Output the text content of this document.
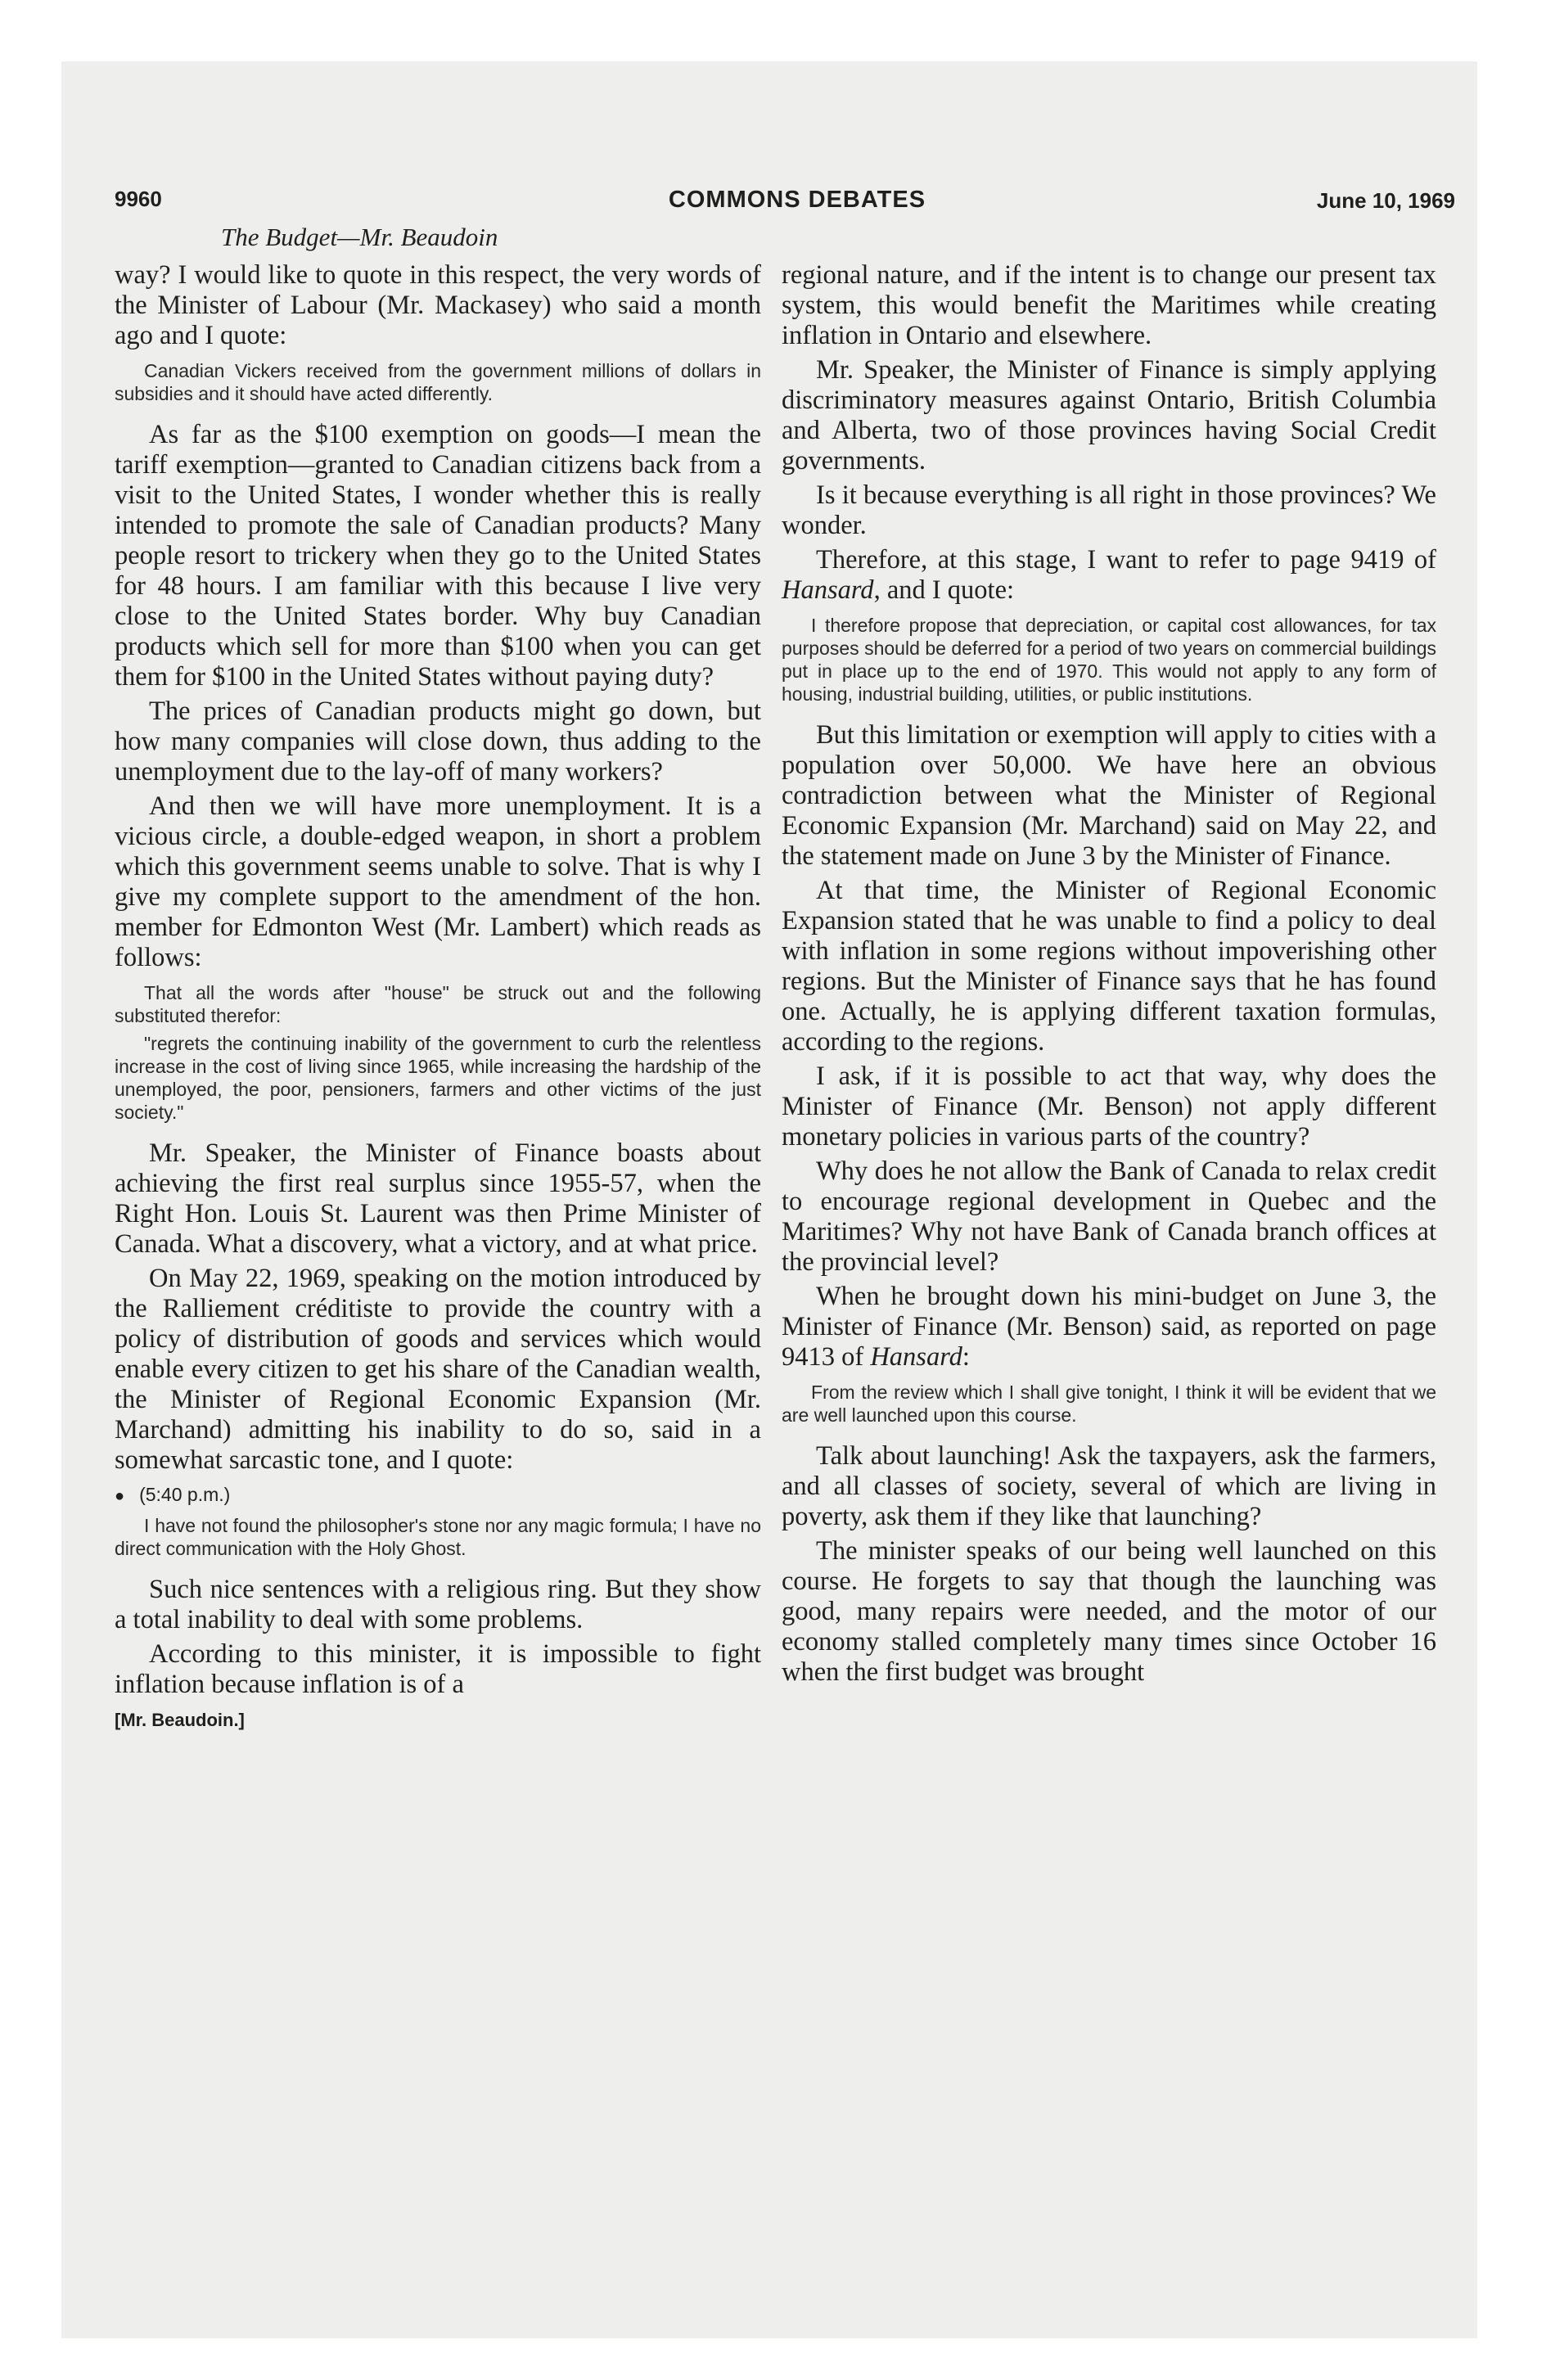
9960	COMMONS DEBATES	June 10, 1969
The Budget—Mr. Beaudoin

way? I would like to quote in this respect, the very words of the Minister of Labour (Mr. Mackasey) who said a month ago and I quote:

Canadian Vickers received from the government millions of dollars in subsidies and it should have acted differently.

As far as the $100 exemption on goods—I mean the tariff exemption—granted to Canadian citizens back from a visit to the United States, I wonder whether this is really intended to promote the sale of Canadian products? Many people resort to trickery when they go to the United States for 48 hours. I am familiar with this because I live very close to the United States border. Why buy Canadian products which sell for more than $100 when you can get them for $100 in the United States without paying duty?

The prices of Canadian products might go down, but how many companies will close down, thus adding to the unemployment due to the lay-off of many workers?

And then we will have more unemployment. It is a vicious circle, a double-edged weapon, in short a problem which this government seems unable to solve. That is why I give my complete support to the amendment of the hon. member for Edmonton West (Mr. Lambert) which reads as follows:

That all the words after "house" be struck out and the following substituted therefor:

"regrets the continuing inability of the government to curb the relentless increase in the cost of living since 1965, while increasing the hardship of the unemployed, the poor, pensioners, farmers and other victims of the just society."

Mr. Speaker, the Minister of Finance boasts about achieving the first real surplus since 1955-57, when the Right Hon. Louis St. Laurent was then Prime Minister of Canada. What a discovery, what a victory, and at what price.

On May 22, 1969, speaking on the motion introduced by the Ralliement créditiste to provide the country with a policy of distribution of goods and services which would enable every citizen to get his share of the Canadian wealth, the Minister of Regional Economic Expansion (Mr. Marchand) admitting his inability to do so, said in a somewhat sarcastic tone, and I quote:

● (5:40 p.m.)

I have not found the philosopher's stone nor any magic formula; I have no direct communication with the Holy Ghost.

Such nice sentences with a religious ring. But they show a total inability to deal with some problems.

According to this minister, it is impossible to fight inflation because inflation is of a

[Mr. Beaudoin.]

regional nature, and if the intent is to change our present tax system, this would benefit the Maritimes while creating inflation in Ontario and elsewhere.

Mr. Speaker, the Minister of Finance is simply applying discriminatory measures against Ontario, British Columbia and Alberta, two of those provinces having Social Credit governments.

Is it because everything is all right in those provinces? We wonder.

Therefore, at this stage, I want to refer to page 9419 of Hansard, and I quote:

I therefore propose that depreciation, or capital cost allowances, for tax purposes should be deferred for a period of two years on commercial buildings put in place up to the end of 1970. This would not apply to any form of housing, industrial building, utilities, or public institutions.

But this limitation or exemption will apply to cities with a population over 50,000. We have here an obvious contradiction between what the Minister of Regional Economic Expansion (Mr. Marchand) said on May 22, and the statement made on June 3 by the Minister of Finance.

At that time, the Minister of Regional Economic Expansion stated that he was unable to find a policy to deal with inflation in some regions without impoverishing other regions. But the Minister of Finance says that he has found one. Actually, he is applying different taxation formulas, according to the regions.

I ask, if it is possible to act that way, why does the Minister of Finance (Mr. Benson) not apply different monetary policies in various parts of the country?

Why does he not allow the Bank of Canada to relax credit to encourage regional development in Quebec and the Maritimes? Why not have Bank of Canada branch offices at the provincial level?

When he brought down his mini-budget on June 3, the Minister of Finance (Mr. Benson) said, as reported on page 9413 of Hansard:

From the review which I shall give tonight, I think it will be evident that we are well launched upon this course.

Talk about launching! Ask the taxpayers, ask the farmers, and all classes of society, several of which are living in poverty, ask them if they like that launching?

The minister speaks of our being well launched on this course. He forgets to say that though the launching was good, many repairs were needed, and the motor of our economy stalled completely many times since October 16 when the first budget was brought
